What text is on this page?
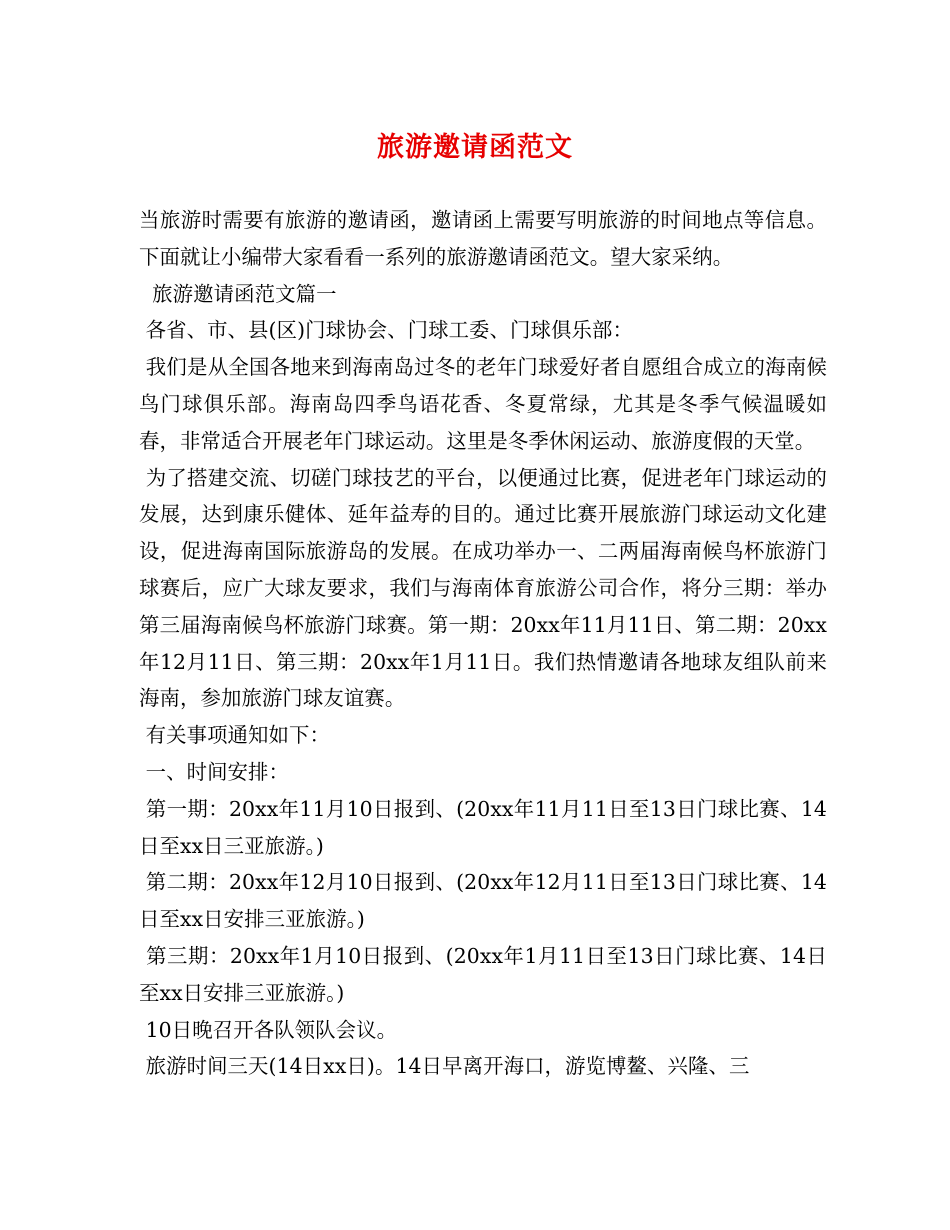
旅游邀请函范文

当旅游时需要有旅游的邀请函，邀请函上需要写明旅游的时间地点等信息。下面就让小编带大家看看一系列的旅游邀请函范文。望大家采纳。

旅游邀请函范文篇一

各省、市、县(区)门球协会、门球工委、门球俱乐部：

我们是从全国各地来到海南岛过冬的老年门球爱好者自愿组合成立的海南候鸟门球俱乐部。海南岛四季鸟语花香、冬夏常绿，尤其是冬季气候温暖如春，非常适合开展老年门球运动。这里是冬季休闲运动、旅游度假的天堂。

为了搭建交流、切磋门球技艺的平台，以便通过比赛，促进老年门球运动的发展，达到康乐健体、延年益寿的目的。通过比赛开展旅游门球运动文化建设，促进海南国际旅游岛的发展。在成功举办一、二两届海南候鸟杯旅游门球赛后，应广大球友要求，我们与海南体育旅游公司合作，将分三期：举办第三届海南候鸟杯旅游门球赛。第一期：20xx年11月11日、第二期：20xx年12月11日、第三期：20xx年1月11日。我们热情邀请各地球友组队前来海南，参加旅游门球友谊赛。

有关事项通知如下：

一、时间安排：

第一期：20xx年11月10日报到、(20xx年11月11日至13日门球比赛、14日至xx日三亚旅游。)

第二期：20xx年12月10日报到、(20xx年12月11日至13日门球比赛、14日至xx日安排三亚旅游。)

第三期：20xx年1月10日报到、(20xx年1月11日至13日门球比赛、14日至xx日安排三亚旅游。)

10日晚召开各队领队会议。

旅游时间三天(14日xx日)。14日早离开海口，游览博鳌、兴隆、三
